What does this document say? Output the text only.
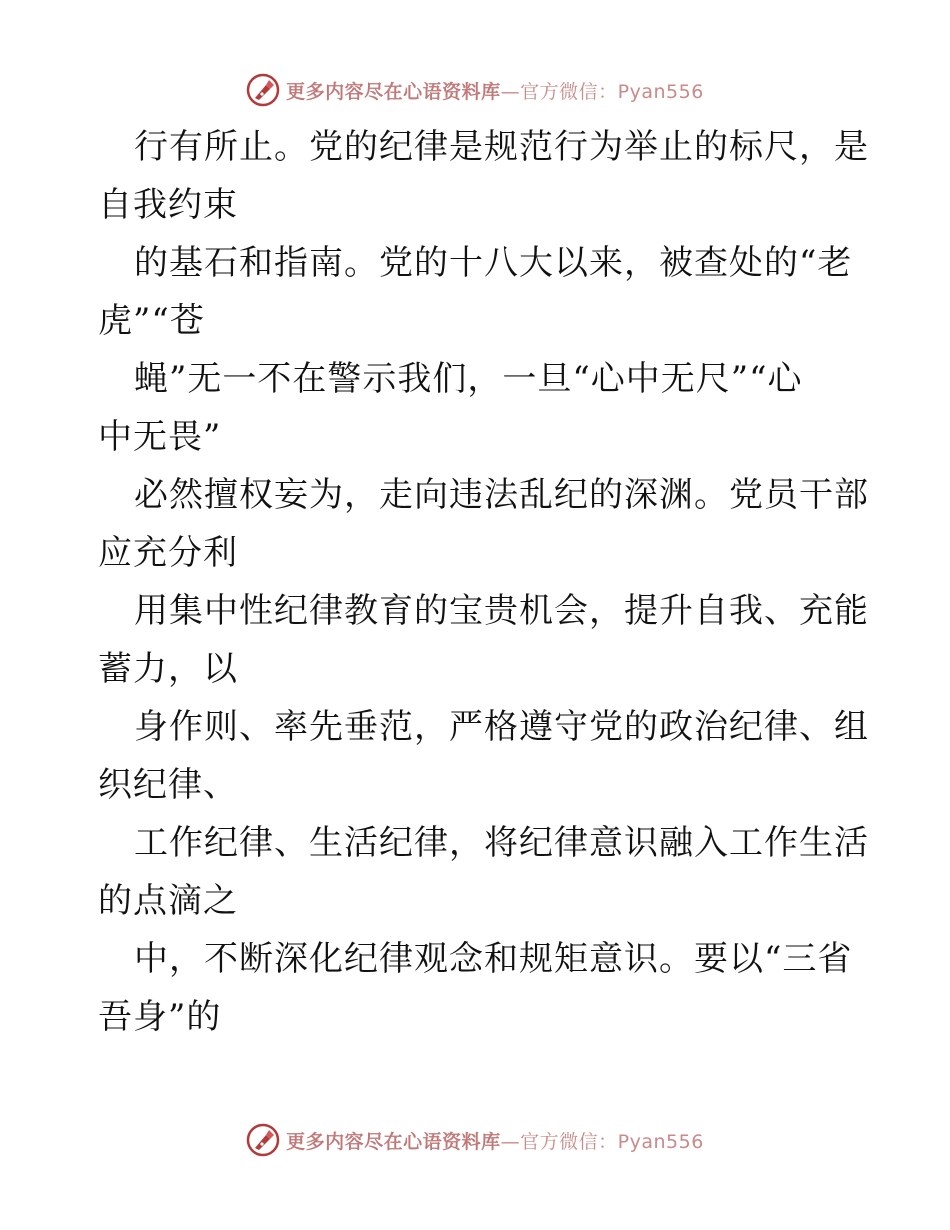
更多内容尽在心语资料库—官方微信：Pyan556
行有所止。党的纪律是规范行为举止的标尺，是
自我约束
的基石和指南。党的十八大以来，被查处的“老
虎”“苍
蝇”无一不在警示我们，一旦“心中无尺”“心
中无畏”
必然擅权妄为，走向违法乱纪的深渊。党员干部
应充分利
用集中性纪律教育的宝贵机会，提升自我、充能
蓄力，以
身作则、率先垂范，严格遵守党的政治纪律、组
织纪律、
工作纪律、生活纪律，将纪律意识融入工作生活
的点滴之
中，不断深化纪律观念和规矩意识。要以“三省
吾身”的
更多内容尽在心语资料库—官方微信：Pyan556
